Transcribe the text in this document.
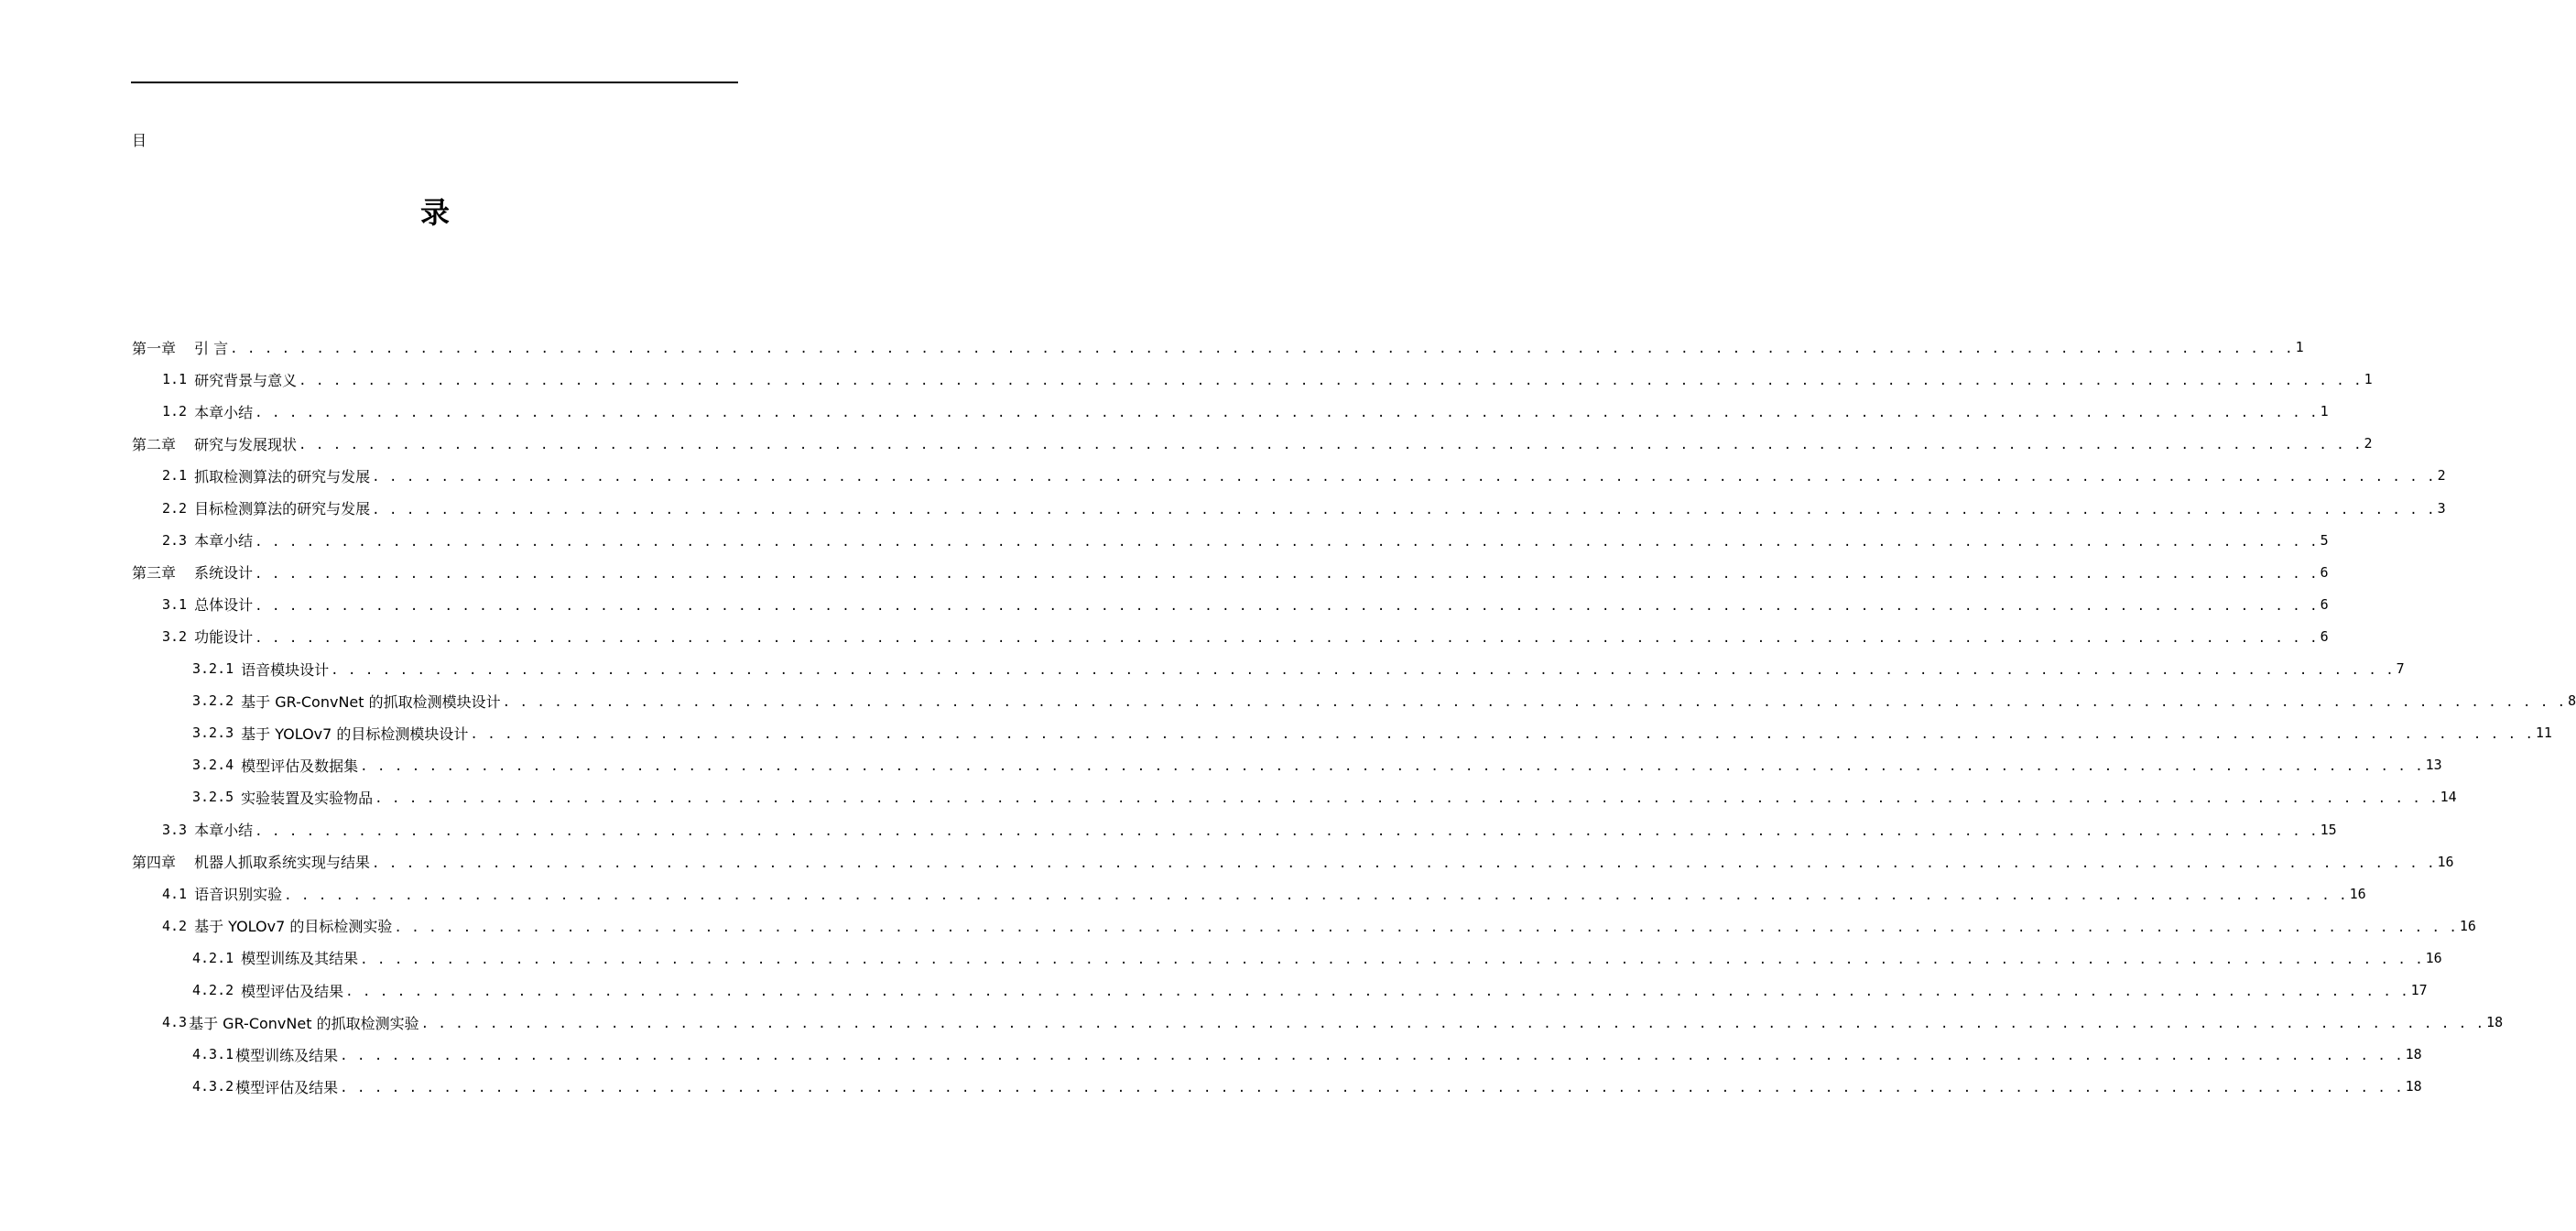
目
录
第一章 引 言 . . . . . . . . . . . . . . . . . . . . . . . . . . . . . . . . . . . . . . . . . . . . . . . . . . . . . . . . . . . . . . . . . . . . . . . . . . . . . . . . . . . . . . . . . . . . . . . . . . . . . . . . . . . . . . . . . . . . . . . . 1
1.1 研究背景与意义 . . . . . . . . . . . . . . . . . . . . . . . . . . . . . . . . . . . . . . . . . . . . . . . . . . . . . . . . . . . . . . . . . . . . . . . . . . . . . . . . . . . . . . . . . . . . . . . . . . . . . . . . . . . . . . . . . . . . . . . . 1
1.2 本章小结 . . . . . . . . . . . . . . . . . . . . . . . . . . . . . . . . . . . . . . . . . . . . . . . . . . . . . . . . . . . . . . . . . . . . . . . . . . . . . . . . . . . . . . . . . . . . . . . . . . . . . . . . . . . . . . . . . . . . . . . . 1
第二章 研究与发展现状 . . . . . . . . . . . . . . . . . . . . . . . . . . . . . . . . . . . . . . . . . . . . . . . . . . . . . . . . . . . . . . . . . . . . . . . . . . . . . . . . . . . . . . . . . . . . . . . . . . . . . . . . . . . . . . . . . . . . . . . . 2
2.1 抓取检测算法的研究与发展 . . . . . . . . . . . . . . . . . . . . . . . . . . . . . . . . . . . . . . . . . . . . . . . . . . . . . . . . . . . . . . . . . . . . . . . . . . . . . . . . . . . . . . . . . . . . . . . . . . . . . . . . . . . . . . . . . . . . . . . . 2
2.2 目标检测算法的研究与发展 . . . . . . . . . . . . . . . . . . . . . . . . . . . . . . . . . . . . . . . . . . . . . . . . . . . . . . . . . . . . . . . . . . . . . . . . . . . . . . . . . . . . . . . . . . . . . . . . . . . . . . . . . . . . . . . . . . . . . . . . 3
2.3 本章小结 . . . . . . . . . . . . . . . . . . . . . . . . . . . . . . . . . . . . . . . . . . . . . . . . . . . . . . . . . . . . . . . . . . . . . . . . . . . . . . . . . . . . . . . . . . . . . . . . . . . . . . . . . . . . . . . . . . . . . . . . 5
第三章 系统设计 . . . . . . . . . . . . . . . . . . . . . . . . . . . . . . . . . . . . . . . . . . . . . . . . . . . . . . . . . . . . . . . . . . . . . . . . . . . . . . . . . . . . . . . . . . . . . . . . . . . . . . . . . . . . . . . . . . . . . . . . 6
3.1 总体设计 . . . . . . . . . . . . . . . . . . . . . . . . . . . . . . . . . . . . . . . . . . . . . . . . . . . . . . . . . . . . . . . . . . . . . . . . . . . . . . . . . . . . . . . . . . . . . . . . . . . . . . . . . . . . . . . . . . . . . . . . 6
3.2 功能设计 . . . . . . . . . . . . . . . . . . . . . . . . . . . . . . . . . . . . . . . . . . . . . . . . . . . . . . . . . . . . . . . . . . . . . . . . . . . . . . . . . . . . . . . . . . . . . . . . . . . . . . . . . . . . . . . . . . . . . . . . 6
3.2.1 语音模块设计 . . . . . . . . . . . . . . . . . . . . . . . . . . . . . . . . . . . . . . . . . . . . . . . . . . . . . . . . . . . . . . . . . . . . . . . . . . . . . . . . . . . . . . . . . . . . . . . . . . . . . . . . . . . . . . . . . . . . . . . . 7
3.2.2 基于 GR-ConvNet 的抓取检测模块设计 . . . . . . . . . . . . . . . . . . . . . . . . . . . . . . . . . . . . . . . . . . . . . . . . . . . . . . . . . . . . . . . . . . . . . . . . . . . . . . . . . . . . . . . . . . . . . . . . . . . . . . . . . . . . . . . . . . . . . . . . 8
3.2.3 基于 YOLOv7 的目标检测模块设计 . . . . . . . . . . . . . . . . . . . . . . . . . . . . . . . . . . . . . . . . . . . . . . . . . . . . . . . . . . . . . . . . . . . . . . . . . . . . . . . . . . . . . . . . . . . . . . . . . . . . . . . . . . . . . . . . . . . . . . . . 11
3.2.4 模型评估及数据集 . . . . . . . . . . . . . . . . . . . . . . . . . . . . . . . . . . . . . . . . . . . . . . . . . . . . . . . . . . . . . . . . . . . . . . . . . . . . . . . . . . . . . . . . . . . . . . . . . . . . . . . . . . . . . . . . . . . . . . . . 13
3.2.5 实验装置及实验物品 . . . . . . . . . . . . . . . . . . . . . . . . . . . . . . . . . . . . . . . . . . . . . . . . . . . . . . . . . . . . . . . . . . . . . . . . . . . . . . . . . . . . . . . . . . . . . . . . . . . . . . . . . . . . . . . . . . . . . . . . 14
3.3 本章小结 . . . . . . . . . . . . . . . . . . . . . . . . . . . . . . . . . . . . . . . . . . . . . . . . . . . . . . . . . . . . . . . . . . . . . . . . . . . . . . . . . . . . . . . . . . . . . . . . . . . . . . . . . . . . . . . . . . . . . . . . 15
第四章 机器人抓取系统实现与结果 . . . . . . . . . . . . . . . . . . . . . . . . . . . . . . . . . . . . . . . . . . . . . . . . . . . . . . . . . . . . . . . . . . . . . . . . . . . . . . . . . . . . . . . . . . . . . . . . . . . . . . . . . . . . . . . . . . . . . . . . 16
4.1 语音识别实验 . . . . . . . . . . . . . . . . . . . . . . . . . . . . . . . . . . . . . . . . . . . . . . . . . . . . . . . . . . . . . . . . . . . . . . . . . . . . . . . . . . . . . . . . . . . . . . . . . . . . . . . . . . . . . . . . . . . . . . . . 16
4.2 基于 YOLOv7 的目标检测实验 . . . . . . . . . . . . . . . . . . . . . . . . . . . . . . . . . . . . . . . . . . . . . . . . . . . . . . . . . . . . . . . . . . . . . . . . . . . . . . . . . . . . . . . . . . . . . . . . . . . . . . . . . . . . . . . . . . . . . . . . 16
4.2.1 模型训练及其结果 . . . . . . . . . . . . . . . . . . . . . . . . . . . . . . . . . . . . . . . . . . . . . . . . . . . . . . . . . . . . . . . . . . . . . . . . . . . . . . . . . . . . . . . . . . . . . . . . . . . . . . . . . . . . . . . . . . . . . . . . 16
4.2.2 模型评估及结果 . . . . . . . . . . . . . . . . . . . . . . . . . . . . . . . . . . . . . . . . . . . . . . . . . . . . . . . . . . . . . . . . . . . . . . . . . . . . . . . . . . . . . . . . . . . . . . . . . . . . . . . . . . . . . . . . . . . . . . . . 17
4.3 基于 GR-ConvNet 的抓取检测实验 . . . . . . . . . . . . . . . . . . . . . . . . . . . . . . . . . . . . . . . . . . . . . . . . . . . . . . . . . . . . . . . . . . . . . . . . . . . . . . . . . . . . . . . . . . . . . . . . . . . . . . . . . . . . . . . . . . . . . . . . 18
4.3.1 模型训练及结果 . . . . . . . . . . . . . . . . . . . . . . . . . . . . . . . . . . . . . . . . . . . . . . . . . . . . . . . . . . . . . . . . . . . . . . . . . . . . . . . . . . . . . . . . . . . . . . . . . . . . . . . . . . . . . . . . . . . . . . . . 18
4.3.2 模型评估及结果 . . . . . . . . . . . . . . . . . . . . . . . . . . . . . . . . . . . . . . . . . . . . . . . . . . . . . . . . . . . . . . . . . . . . . . . . . . . . . . . . . . . . . . . . . . . . . . . . . . . . . . . . . . . . . . . . . . . . . . . . 18
